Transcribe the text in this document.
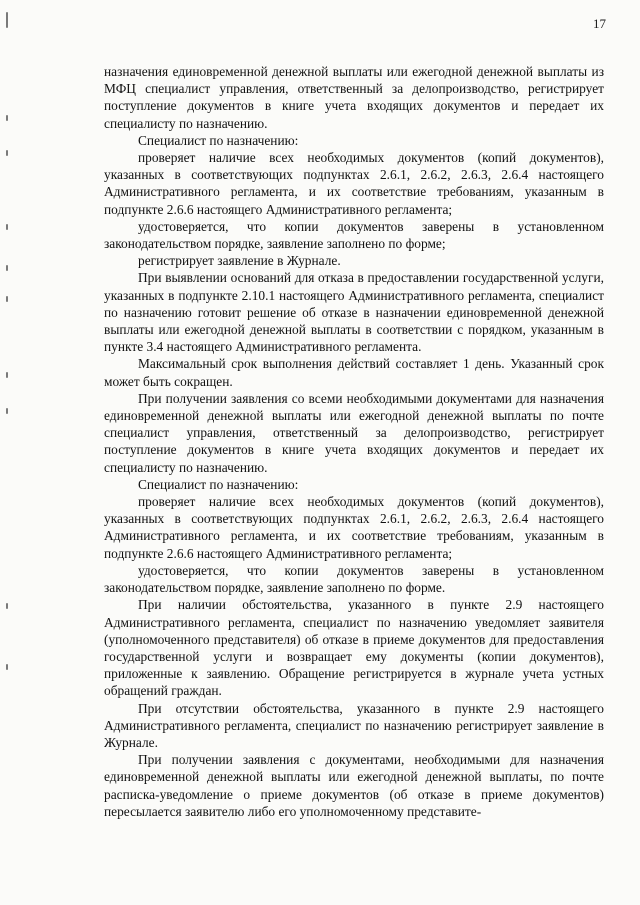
17

назначения единовременной денежной выплаты или ежегодной денежной выплаты из МФЦ специалист управления, ответственный за делопроизводство, регистрирует поступление документов в книге учета входящих документов и передает их специалисту по назначению.

Специалист по назначению:

проверяет наличие всех необходимых документов (копий документов), указанных в соответствующих подпунктах 2.6.1, 2.6.2, 2.6.3, 2.6.4 настоящего Административного регламента, и их соответствие требованиям, указанным в подпункте 2.6.6 настоящего Административного регламента;

удостоверяется, что копии документов заверены в установленном законодательством порядке, заявление заполнено по форме;

регистрирует заявление в Журнале.

При выявлении оснований для отказа в предоставлении государственной услуги, указанных в подпункте 2.10.1 настоящего Административного регламента, специалист по назначению готовит решение об отказе в назначении единовременной денежной выплаты или ежегодной денежной выплаты в соответствии с порядком, указанным в пункте 3.4 настоящего Административного регламента.

Максимальный срок выполнения действий составляет 1 день. Указанный срок может быть сокращен.

При получении заявления со всеми необходимыми документами для назначения единовременной денежной выплаты или ежегодной денежной выплаты по почте специалист управления, ответственный за делопроизводство, регистрирует поступление документов в книге учета входящих документов и передает их специалисту по назначению.

Специалист по назначению:

проверяет наличие всех необходимых документов (копий документов), указанных в соответствующих подпунктах 2.6.1, 2.6.2, 2.6.3, 2.6.4 настоящего Административного регламента, и их соответствие требованиям, указанным в подпункте 2.6.6 настоящего Административного регламента;

удостоверяется, что копии документов заверены в установленном законодательством порядке, заявление заполнено по форме.

При наличии обстоятельства, указанного в пункте 2.9 настоящего Административного регламента, специалист по назначению уведомляет заявителя (уполномоченного представителя) об отказе в приеме документов для предоставления государственной услуги и возвращает ему документы (копии документов), приложенные к заявлению. Обращение регистрируется в журнале учета устных обращений граждан.

При отсутствии обстоятельства, указанного в пункте 2.9 настоящего Административного регламента, специалист по назначению регистрирует заявление в Журнале.

При получении заявления с документами, необходимыми для назначения единовременной денежной выплаты или ежегодной денежной выплаты, по почте расписка-уведомление о приеме документов (об отказе в приеме документов) пересылается заявителю либо его уполномоченному представите-
